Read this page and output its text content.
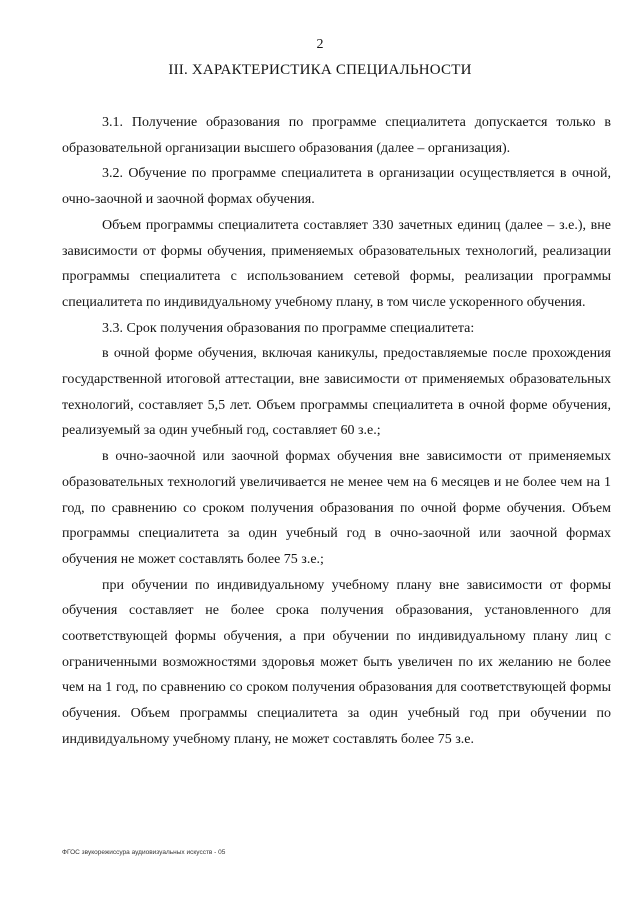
2
III. ХАРАКТЕРИСТИКА СПЕЦИАЛЬНОСТИ

3.1. Получение образования по программе специалитета допускается только в образовательной организации высшего образования (далее – организация).

3.2. Обучение по программе специалитета в организации осуществляется в очной, очно-заочной и заочной формах обучения.

Объем программы специалитета составляет 330 зачетных единиц (далее – з.е.), вне зависимости от формы обучения, применяемых образовательных технологий, реализации программы специалитета с использованием сетевой формы, реализации программы специалитета по индивидуальному учебному плану, в том числе ускоренного обучения.

3.3. Срок получения образования по программе специалитета:

в очной форме обучения, включая каникулы, предоставляемые после прохождения государственной итоговой аттестации, вне зависимости от применяемых образовательных технологий, составляет 5,5 лет. Объем программы специалитета в очной форме обучения, реализуемый за один учебный год, составляет 60 з.е.;

в очно-заочной или заочной формах обучения вне зависимости от применяемых образовательных технологий увеличивается не менее чем на 6 месяцев и не более чем на 1 год, по сравнению со сроком получения образования по очной форме обучения. Объем программы специалитета за один учебный год в очно-заочной или заочной формах обучения не может составлять более 75 з.е.;

при обучении по индивидуальному учебному плану вне зависимости от формы обучения составляет не более срока получения образования, установленного для соответствующей формы обучения, а при обучении по индивидуальному плану лиц с ограниченными возможностями здоровья может быть увеличен по их желанию не более чем на 1 год, по сравнению со сроком получения образования для соответствующей формы обучения. Объем программы специалитета за один учебный год при обучении по индивидуальному учебному плану, не может составлять более 75 з.е.

ФГОС звукорежиссура аудиовизуальных искусств - 05
